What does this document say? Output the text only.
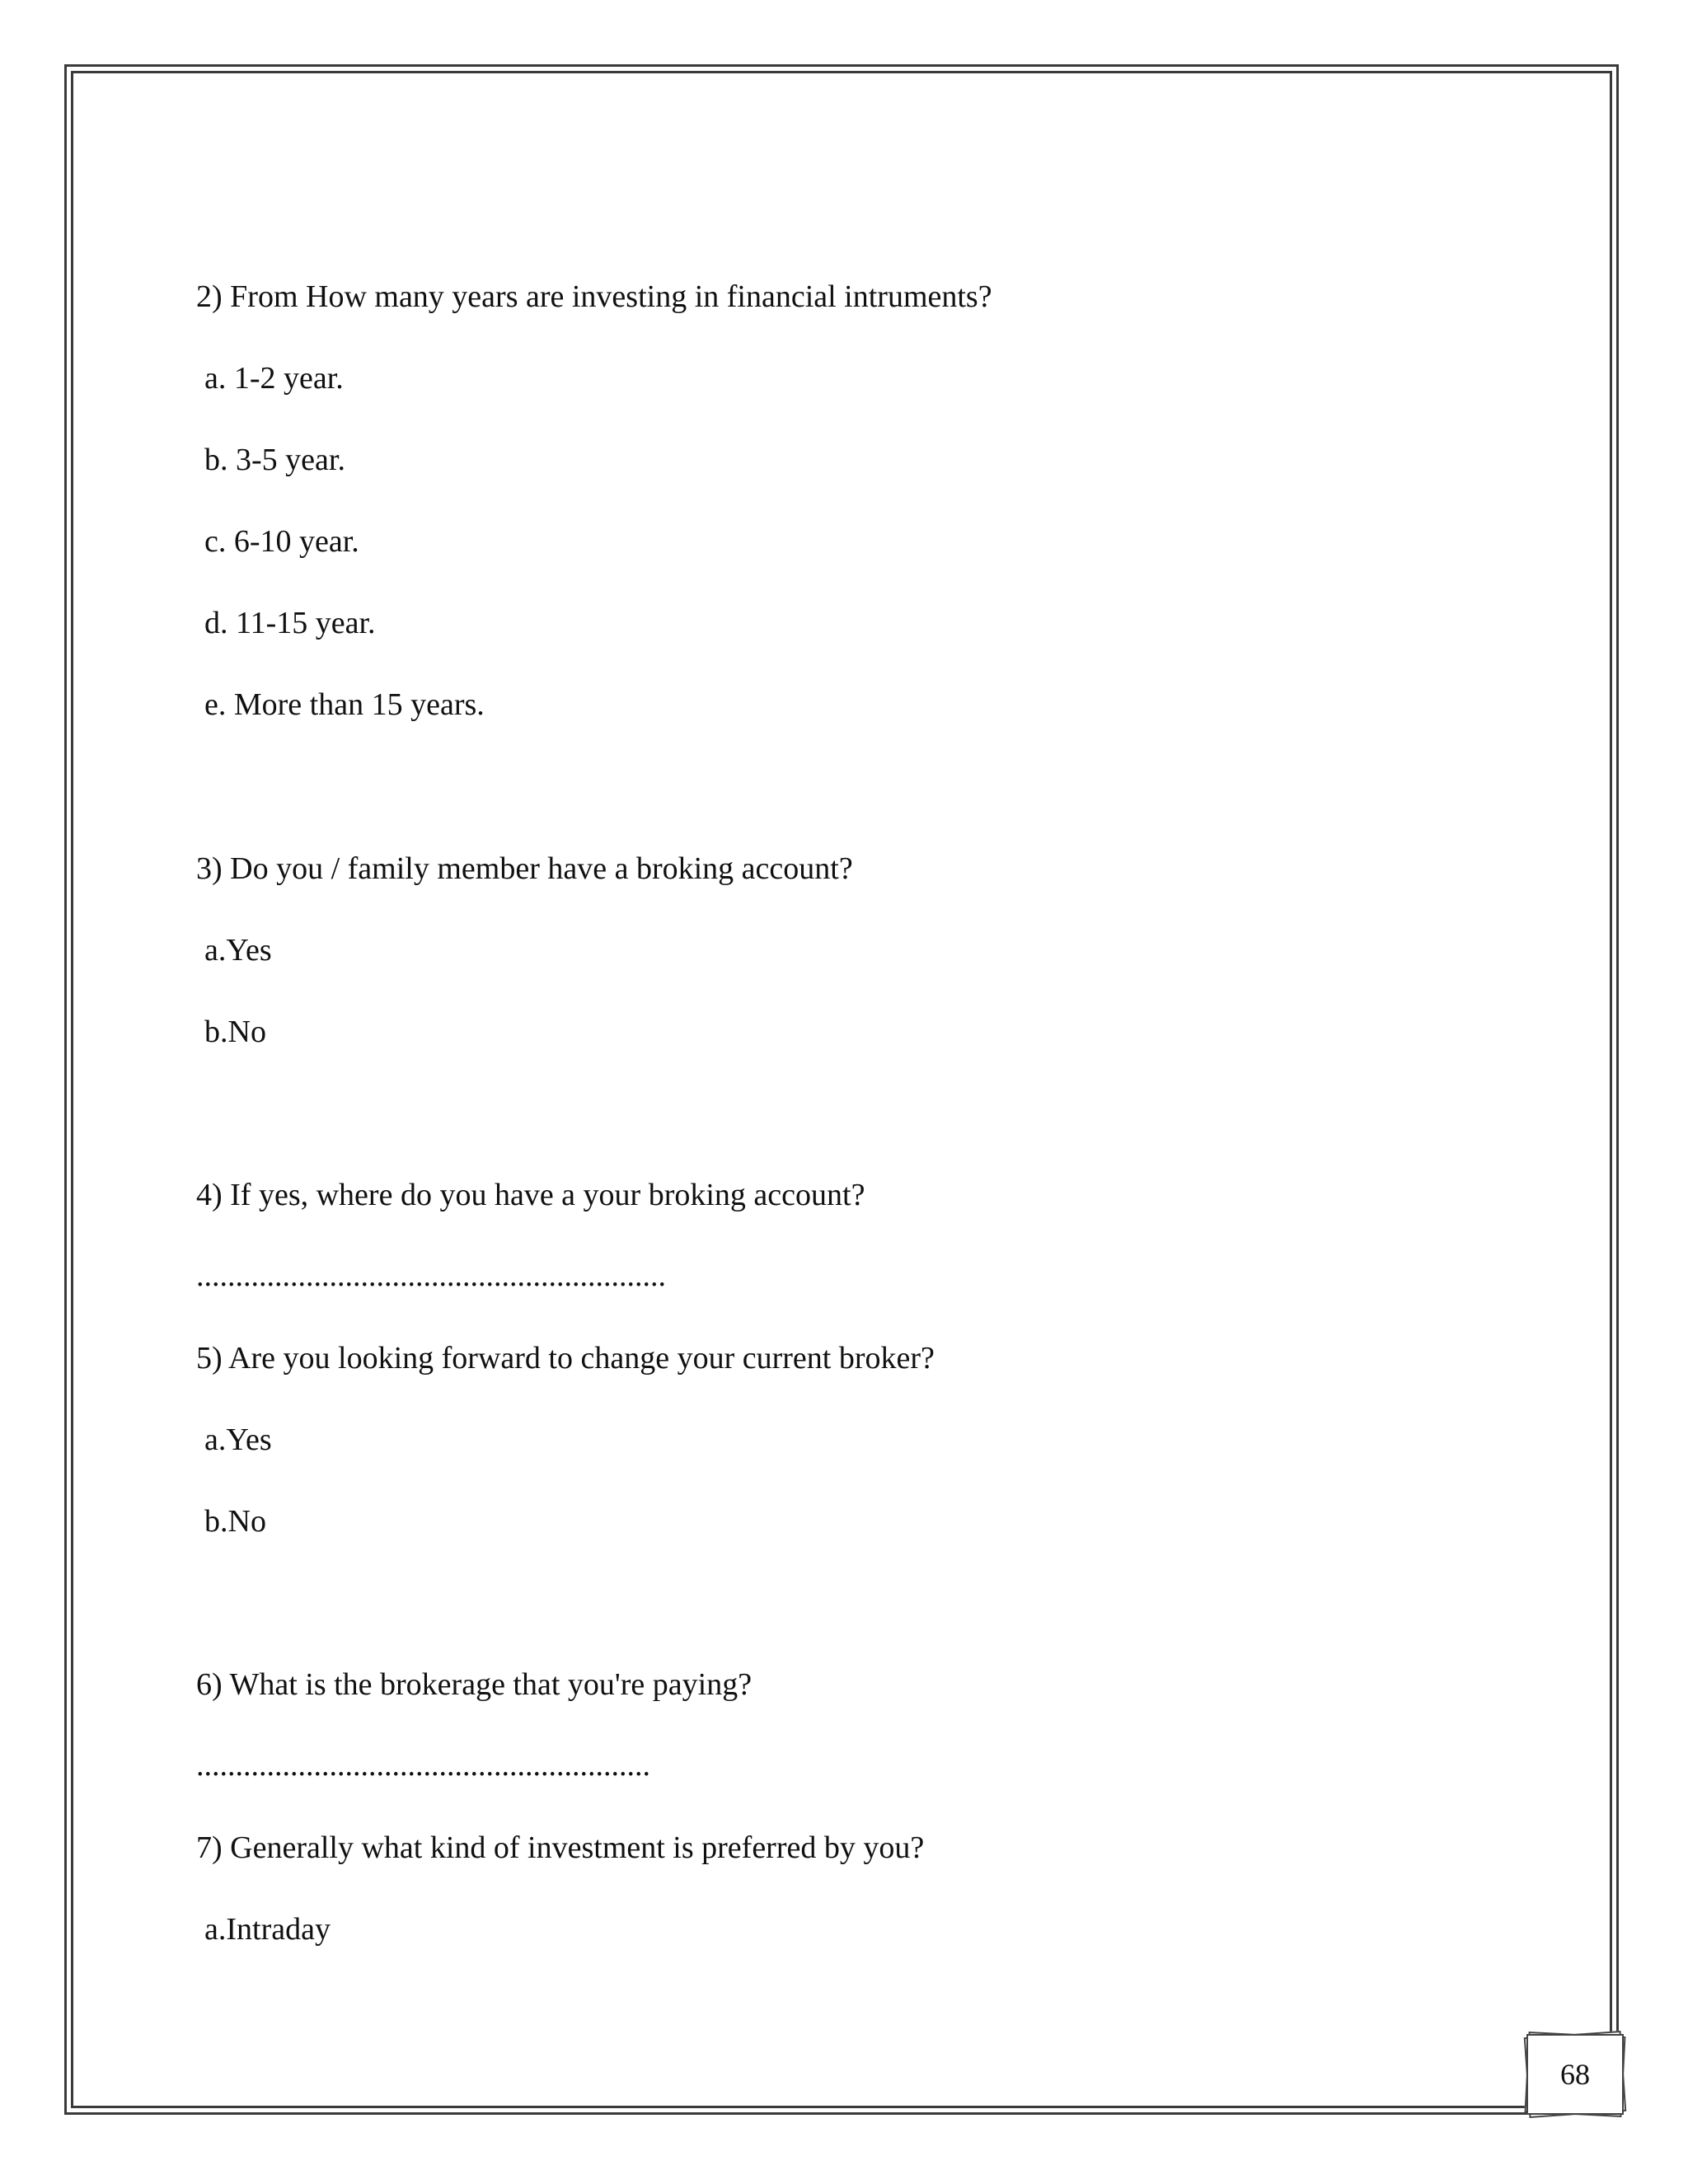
2) From How many years are investing in financial intruments?
a. 1-2 year.
b. 3-5 year.
c. 6-10 year.
d. 11-15 year.
e. More than 15 years.
3) Do you / family member have a broking account?
a.Yes
b.No
4) If yes, where do you have a your broking account?
............................................................
5) Are you looking forward to change your current broker?
a.Yes
b.No
6) What is the brokerage that you're paying?
..........................................................
7) Generally what kind of investment is preferred by you?
a.Intraday
68
